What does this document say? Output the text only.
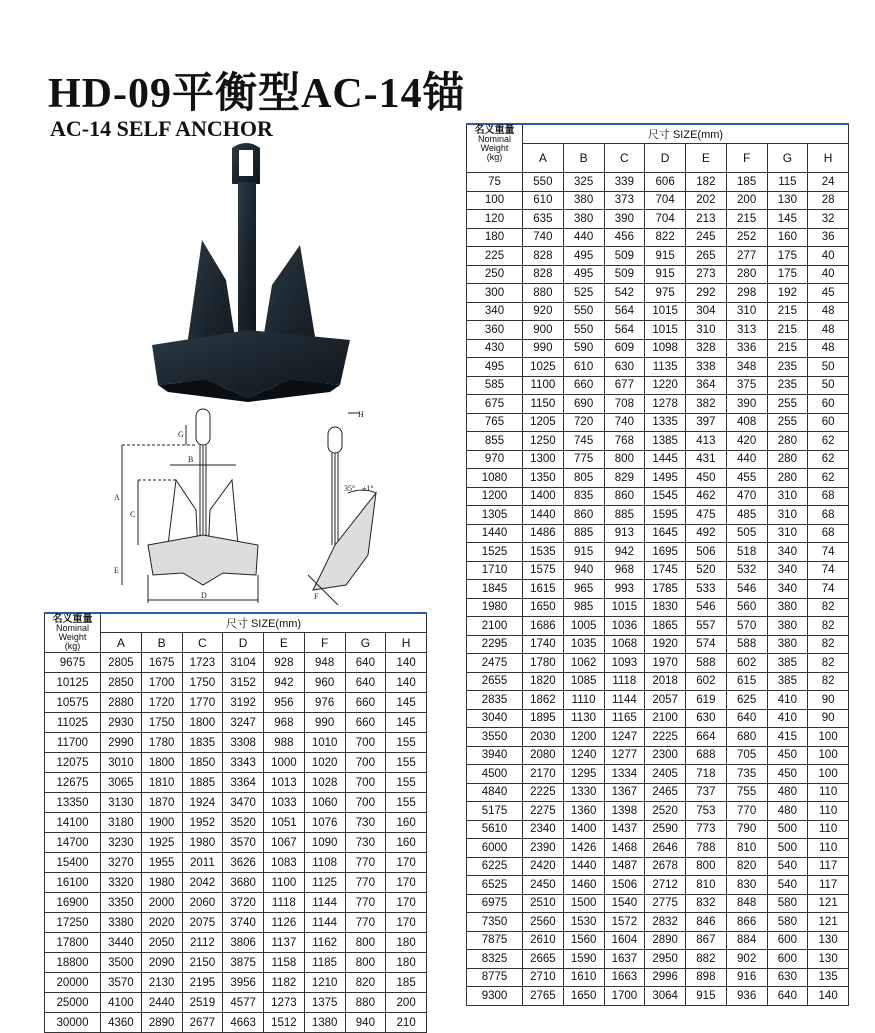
HD-09平衡型AC-14锚
AC-14 SELF ANCHOR
H
G
B
A
C
E
D	F
35° ±1°
名义重量
Nominal
Weight
(kg)	尺寸 SIZE(mm)							
	A	B	C	D	E	F	G	H
9675	2805	1675	1723	3104	928	948	640	140
10125	2850	1700	1750	3152	942	960	640	140
10575	2880	1720	1770	3192	956	976	660	145
11025	2930	1750	1800	3247	968	990	660	145
11700	2990	1780	1835	3308	988	1010	700	155
12075	3010	1800	1850	3343	1000	1020	700	155
12675	3065	1810	1885	3364	1013	1028	700	155
13350	3130	1870	1924	3470	1033	1060	700	155
14100	3180	1900	1952	3520	1051	1076	730	160
14700	3230	1925	1980	3570	1067	1090	730	160
15400	3270	1955	2011	3626	1083	1108	770	170
16100	3320	1980	2042	3680	1100	1125	770	170
16900	3350	2000	2060	3720	1118	1144	770	170
17250	3380	2020	2075	3740	1126	1144	770	170
17800	3440	2050	2112	3806	1137	1162	800	180
18800	3500	2090	2150	3875	1158	1185	800	180
20000	3570	2130	2195	3956	1182	1210	820	185
25000	4100	2440	2519	4577	1273	1375	880	200
30000	4360	2890	2677	4663	1512	1380	940	210
名义重量
Nominal
Weight
(kg)	尺寸 SIZE(mm)							
	A	B	C	D	E	F	G	H
75	550	325	339	606	182	185	115	24
100	610	380	373	704	202	200	130	28
120	635	380	390	704	213	215	145	32
180	740	440	456	822	245	252	160	36
225	828	495	509	915	265	277	175	40
250	828	495	509	915	273	280	175	40
300	880	525	542	975	292	298	192	45
340	920	550	564	1015	304	310	215	48
360	900	550	564	1015	310	313	215	48
430	990	590	609	1098	328	336	215	48
495	1025	610	630	1135	338	348	235	50
585	1100	660	677	1220	364	375	235	50
675	1150	690	708	1278	382	390	255	60
765	1205	720	740	1335	397	408	255	60
855	1250	745	768	1385	413	420	280	62
970	1300	775	800	1445	431	440	280	62
1080	1350	805	829	1495	450	455	280	62
1200	1400	835	860	1545	462	470	310	68
1305	1440	860	885	1595	475	485	310	68
1440	1486	885	913	1645	492	505	310	68
1525	1535	915	942	1695	506	518	340	74
1710	1575	940	968	1745	520	532	340	74
1845	1615	965	993	1785	533	546	340	74
1980	1650	985	1015	1830	546	560	380	82
2100	1686	1005	1036	1865	557	570	380	82
2295	1740	1035	1068	1920	574	588	380	82
2475	1780	1062	1093	1970	588	602	385	82
2655	1820	1085	1118	2018	602	615	385	82
2835	1862	1110	1144	2057	619	625	410	90
3040	1895	1130	1165	2100	630	640	410	90
3550	2030	1200	1247	2225	664	680	415	100
3940	2080	1240	1277	2300	688	705	450	100
4500	2170	1295	1334	2405	718	735	450	100
4840	2225	1330	1367	2465	737	755	480	110
5175	2275	1360	1398	2520	753	770	480	110
5610	2340	1400	1437	2590	773	790	500	110
6000	2390	1426	1468	2646	788	810	500	110
6225	2420	1440	1487	2678	800	820	540	117
6525	2450	1460	1506	2712	810	830	540	117
6975	2510	1500	1540	2775	832	848	580	121
7350	2560	1530	1572	2832	846	866	580	121
7875	2610	1560	1604	2890	867	884	600	130
8325	2665	1590	1637	2950	882	902	600	130
8775	2710	1610	1663	2996	898	916	630	135
9300	2765	1650	1700	3064	915	936	640	140
